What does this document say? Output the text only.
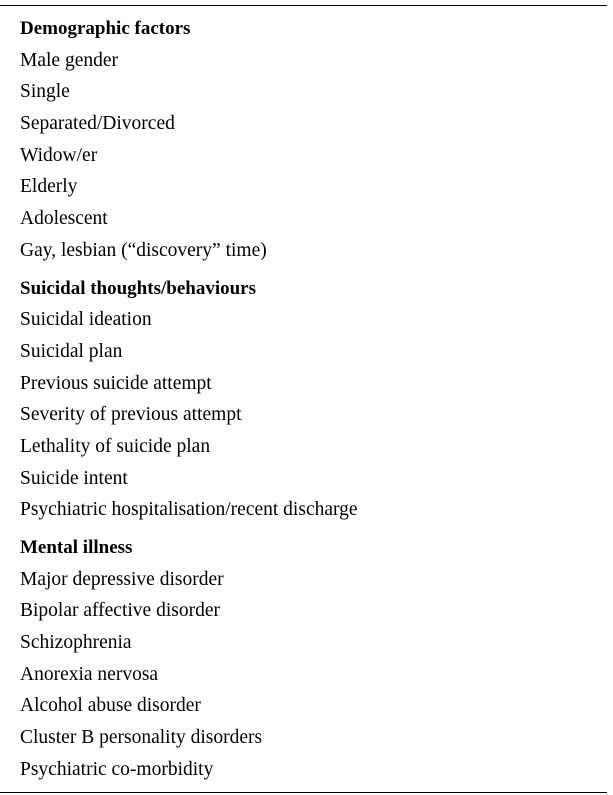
Demographic factors
Male gender
Single
Separated/Divorced
Widow/er
Elderly
Adolescent
Gay, lesbian (“discovery” time)
Suicidal thoughts/behaviours
Suicidal ideation
Suicidal plan
Previous suicide attempt
Severity of previous attempt
Lethality of suicide plan
Suicide intent
Psychiatric hospitalisation/recent discharge
Mental illness
Major depressive disorder
Bipolar affective disorder
Schizophrenia
Anorexia nervosa
Alcohol abuse disorder
Cluster B personality disorders
Psychiatric co-morbidity
